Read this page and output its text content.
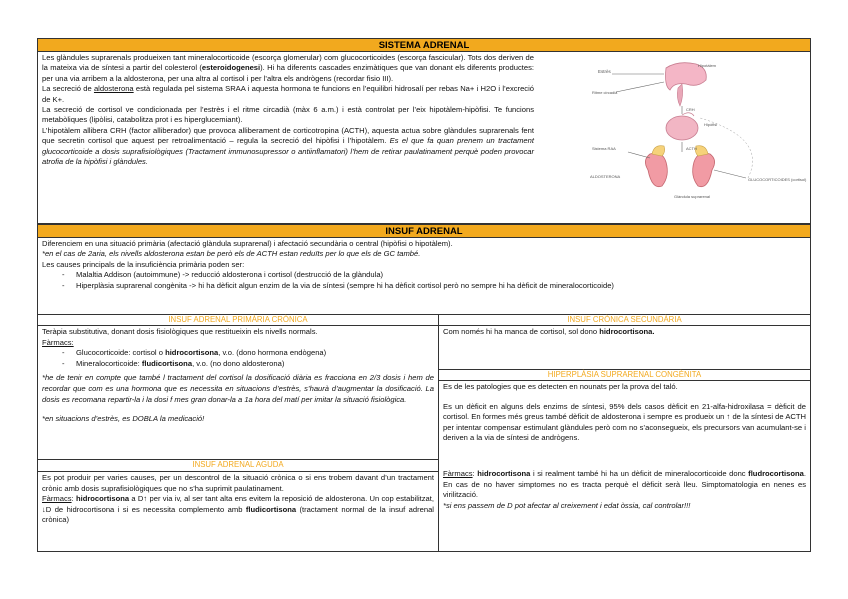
SISTEMA ADRENAL

Les glàndules suprarenals produeixen tant mineralocorticoide (escorça glomerular) com glucocorticoides (escorça fascicular). Tots dos deriven de la mateixa via de síntesi a partir del colesterol (esteroidogenesi). Hi ha diferents cascades enzimàtiques que van donant els diferents productes: per una via arribem a la aldosterona, per una altra al cortisol i per l’altra els andrògens (recordar fisio III).

La secreció de aldosterona està regulada pel sistema SRAA i aquesta hormona te funcions en l’equilibri hidrosalí per rebas Na+ i H2O i l’excreció de K+.

La secreció de cortisol ve condicionada per l’estrès i el ritme circadià (màx 6 a.m.) i està controlat per l’eix hipotàlem-hipòfisi. Te funcions metabòliques (lipòlisi, catabolitza prot i es hiperglucemiant).

L’hipotàlem allibera CRH (factor alliberador) que provoca alliberament de corticotropina (ACTH), aquesta actua sobre glàndules suprarenals fent que secretin cortisol que aquest per retroalimentació – regula la secreció del hipòfisi i l’hipotàlem. Es el que fa quan prenem un tractament glucocorticoide a dosis suprafisiològiques (Tractament immunosupressor o antiinflamatori) l’hem de retirar paulatinament perquè poden provocar atrofia de la hipòfisi i glàndules.

Estrès
Hipotàlem
Ritme circadià
CRH
Hipòfisi
Sistema RAA	ACTH
ALDOSTERONA
GLUCOCORTICOIDES (cortisol)
Glàndula suprarenal
INSUF ADRENAL

Diferenciem en una situació primària (afectació glàndula suprarenal) i afectació secundària o central (hipòfisi o hipotàlem).

*en el cas de 2aria, els nivells aldosterona estan be però els de ACTH estan reduïts per lo que els de GC també.

Les causes principals de la insuficiència primària poden ser:

- Malaltia Addison (autoimmune) -> reducció aldosterona i cortisol (destrucció de la glàndula)
- Hiperplàsia suprarenal congènita -> hi ha dèficit algun enzim de la via de síntesi (sempre hi ha dèficit cortisol però no sempre hi ha dèficit de mineralocorticoide)
INSUF ADRENAL PRIMÀRIA CRÒNICA

Teràpia substitutiva, donant dosis fisiològiques que restitueixin els nivells normals.

Fàrmacs:

- Glucocorticoide: cortisol o hidrocortisona, v.o. (dono hormona endògena)
- Mineralocorticoide: fludicortisona, v.o. (no dono aldosterona)

*he de tenir en compte que també l tractament del cortisol la dosificació diària es fracciona en 2/3 dosis i hem de recordar que com es una hormona que es necessita en situacions d’estrès, s’haurà d’augmentar la dosificació. La dosis es recomana repartir-la i la dosi f mes gran donar-la a 1a hora del matí per imitar la situació fisiològica.

*en situacions d’estrès, es DOBLA la medicació!

INSUF ADRENAL AGUDA

Es pot produir per varies causes, per un descontrol de la situació crònica o si ens trobem davant d’un tractament crònic amb dosis suprafisiològiques que no s’ha suprimit paulatinament.

Fàrmacs: hidrocortisona a D↑ per via iv, al ser tant alta ens evitem la reposició de aldosterona. Un cop estabilitzat, ↓D de hidrocortisona i si es necessita complemento amb fludicortisona (tractament normal de la insuf adrenal crònica)

INSUF CRÒNICA SECUNDÀRIA

Com només hi ha manca de cortisol, sol dono hidrocortisona.

HIPERPLÀSIA SUPRARENAL CONGÈNITA

Es de les patologies que es detecten en nounats per la prova del taló.

Es un dèficit en alguns dels enzims de síntesi, 95% dels casos dèficit en 21-alfa-hidroxilasa = dèficit de cortisol. En formes més greus també dèficit de aldosterona i sempre es produeix un ↑ de la síntesi de ACTH per intentar compensar estimulant glàndules però com no s’aconsegueix, els precursors van acumulant-se i deriven a la via de síntesi de andrògens.

Fàrmacs: hidrocortisona i si realment també hi ha un dèficit de mineralocorticoide donc fludrocortisona. En cas de no haver simptomes no es tracta perquè el dèficit serà lleu. Simptomatologia en nenes es virilització.

*si ens passem de D pot afectar al creixement i edat òssia, cal controlar!!!
